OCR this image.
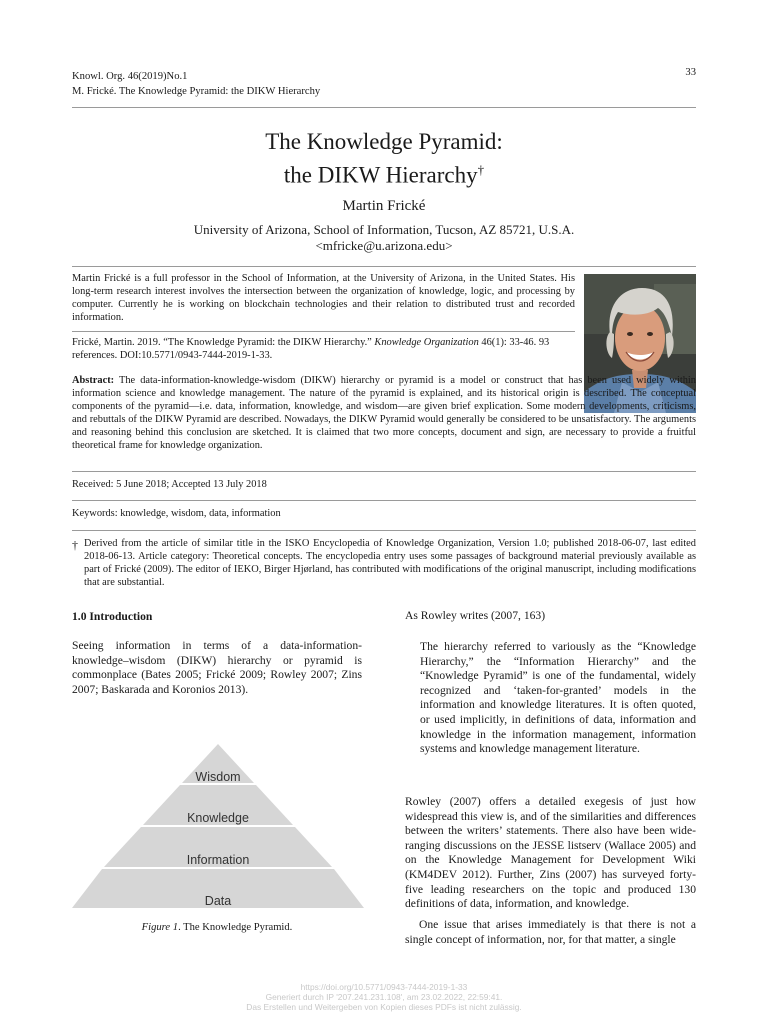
Knowl. Org. 46(2019)No.1
M. Frické. The Knowledge Pyramid: the DIKW Hierarchy
33
The Knowledge Pyramid:
the DIKW Hierarchy†
Martin Frické
University of Arizona, School of Information, Tucson, AZ 85721, U.S.A.
<mfricke@u.arizona.edu>
Martin Frické is a full professor in the School of Information, at the University of Arizona, in the United States. His long-term research interest involves the intersection between the organization of knowledge, logic, and processing by computer. Currently he is working on blockchain technologies and their relation to distributed trust and recorded information.
Frické, Martin. 2019. “The Knowledge Pyramid: the DIKW Hierarchy.” Knowledge Organization 46(1): 33-46. 93 references. DOI:10.5771/0943-7444-2019-1-33.
Abstract: The data-information-knowledge-wisdom (DIKW) hierarchy or pyramid is a model or construct that has been used widely within information science and knowledge management. The nature of the pyramid is explained, and its historical origin is described. The conceptual components of the pyramid—i.e. data, information, knowledge, and wisdom—are given brief explication. Some modern developments, criticisms, and rebuttals of the DIKW Pyramid are described. Nowadays, the DIKW Pyramid would generally be considered to be unsatisfactory. The arguments and reasoning behind this conclusion are sketched. It is claimed that two more concepts, document and sign, are necessary to provide a fruitful theoretical frame for knowledge organization.
Received: 5 June 2018; Accepted 13 July 2018
Keywords: knowledge, wisdom, data, information
† Derived from the article of similar title in the ISKO Encyclopedia of Knowledge Organization, Version 1.0; published 2018-06-07, last edited 2018-06-13. Article category: Theoretical concepts. The encyclopedia entry uses some passages of background material previously available as part of Frické (2009). The editor of IEKO, Birger Hjørland, has contributed with modifications of the original manuscript, including modifications that are substantial.
1.0 Introduction
Seeing information in terms of a data-information-knowledge–wisdom (DIKW) hierarchy or pyramid is commonplace (Bates 2005; Frické 2009; Rowley 2007; Zins 2007; Baskarada and Koronios 2013).
Wisdom
Knowledge
Information
Data
Figure 1. The Knowledge Pyramid.
As Rowley writes (2007, 163)
The hierarchy referred to variously as the “Knowledge Hierarchy,” the “Information Hierarchy” and the “Knowledge Pyramid” is one of the fundamental, widely recognized and ‘taken-for-granted’ models in the information and knowledge literatures. It is often quoted, or used implicitly, in definitions of data, information and knowledge in the information management, information systems and knowledge management literature.
Rowley (2007) offers a detailed exegesis of just how widespread this view is, and of the similarities and differences between the writers’ statements. There also have been wide-ranging discussions on the JESSE listserv (Wallace 2005) and on the Knowledge Management for Development Wiki (KM4DEV 2012). Further, Zins (2007) has surveyed forty-five leading researchers on the topic and produced 130 definitions of data, information, and knowledge.
One issue that arises immediately is that there is not a single concept of information, nor, for that matter, a single
https://doi.org/10.5771/0943-7444-2019-1-33
Generiert durch IP '207.241.231.108', am 23.02.2022, 22:59:41.
Das Erstellen und Weitergeben von Kopien dieses PDFs ist nicht zulässig.
